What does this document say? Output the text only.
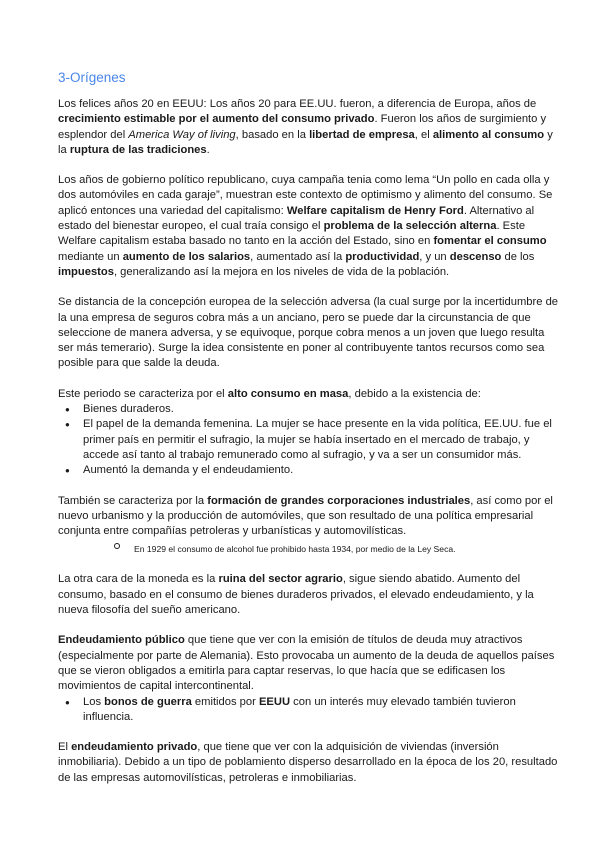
3-Orígenes

Los felices años 20 en EEUU: Los años 20 para EE.UU. fueron, a diferencia de Europa, años de crecimiento estimable por el aumento del consumo privado. Fueron los años de surgimiento y esplendor del America Way of living, basado en la libertad de empresa, el alimento al consumo y la ruptura de las tradiciones.

Los años de gobierno político republicano, cuya campaña tenia como lema “Un pollo en cada olla y dos automóviles en cada garaje”, muestran este contexto de optimismo y alimento del consumo. Se aplicó entonces una variedad del capitalismo: Welfare capitalism de Henry Ford. Alternativo al estado del bienestar europeo, el cual traía consigo el problema de la selección alterna. Este Welfare capitalism estaba basado no tanto en la acción del Estado, sino en fomentar el consumo mediante un aumento de los salarios, aumentado así la productividad, y un descenso de los impuestos, generalizando así la mejora en los niveles de vida de la población.

Se distancia de la concepción europea de la selección adversa (la cual surge por la incertidumbre de la una empresa de seguros cobra más a un anciano, pero se puede dar la circunstancia de que seleccione de manera adversa, y se equivoque, porque cobra menos a un joven que luego resulta ser más temerario). Surge la idea consistente en poner al contribuyente tantos recursos como sea posible para que salde la deuda.

Este periodo se caracteriza por el alto consumo en masa, debido a la existencia de:

● Bienes duraderos.
● El papel de la demanda femenina. La mujer se hace presente en la vida política, EE.UU. fue el primer país en permitir el sufragio, la mujer se había insertado en el mercado de trabajo, y accede así tanto al trabajo remunerado como al sufragio, y va a ser un consumidor más.
● Aumentó la demanda y el endeudamiento.

También se caracteriza por la formación de grandes corporaciones industriales, así como por el nuevo urbanismo y la producción de automóviles, que son resultado de una política empresarial conjunta entre compañías petroleras y urbanísticas y automovilísticas.

En 1929 el consumo de alcohol fue prohibido hasta 1934, por medio de la Ley Seca.

La otra cara de la moneda es la ruina del sector agrario, sigue siendo abatido. Aumento del consumo, basado en el consumo de bienes duraderos privados, el elevado endeudamiento, y la nueva filosofía del sueño americano.

Endeudamiento público que tiene que ver con la emisión de títulos de deuda muy atractivos (especialmente por parte de Alemania). Esto provocaba un aumento de la deuda de aquellos países que se vieron obligados a emitirla para captar reservas, lo que hacía que se edificasen los movimientos de capital intercontinental.

● Los bonos de guerra emitidos por EEUU con un interés muy elevado también tuvieron influencia.

El endeudamiento privado, que tiene que ver con la adquisición de viviendas (inversión inmobiliaria). Debido a un tipo de poblamiento disperso desarrollado en la época de los 20, resultado de las empresas automovilísticas, petroleras e inmobiliarias.
